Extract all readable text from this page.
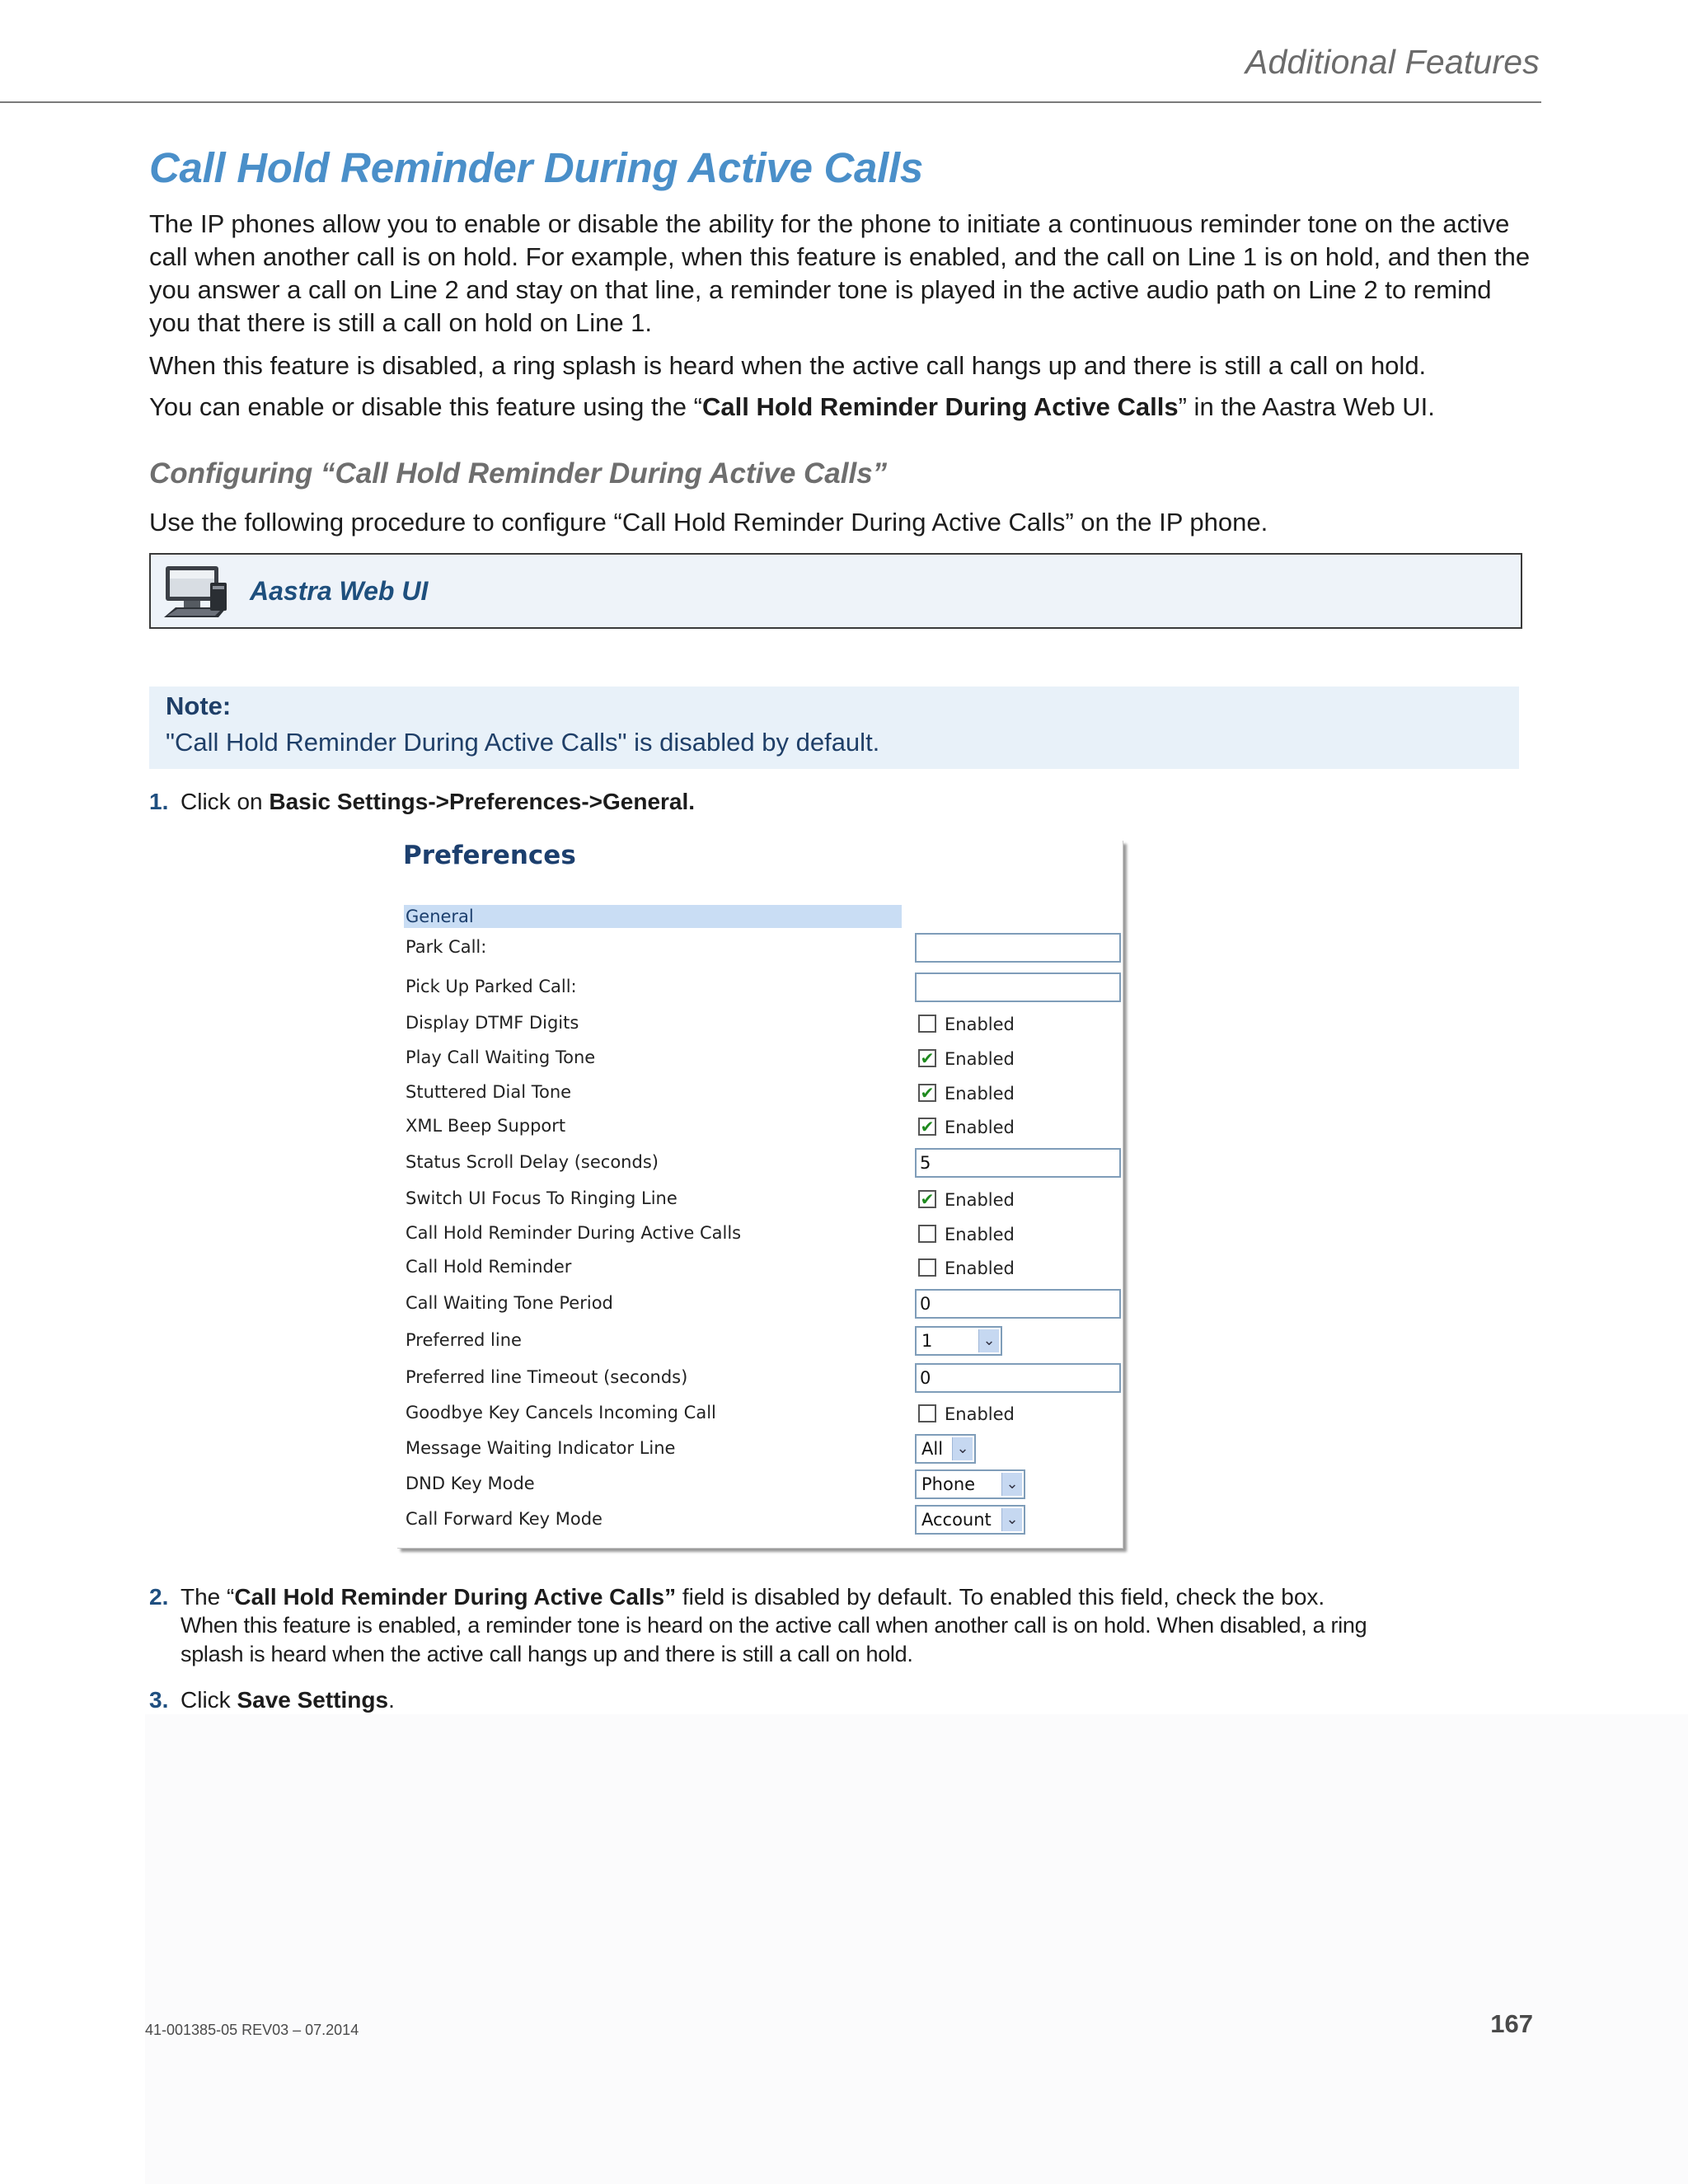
Additional Features
Call Hold Reminder During Active Calls
The IP phones allow you to enable or disable the ability for the phone to initiate a continuous reminder tone on the active call when another call is on hold. For example, when this feature is enabled, and the call on Line 1 is on hold, and then the you answer a call on Line 2 and stay on that line, a reminder tone is played in the active audio path on Line 2 to remind you that there is still a call on hold on Line 1.
When this feature is disabled, a ring splash is heard when the active call hangs up and there is still a call on hold.
You can enable or disable this feature using the “Call Hold Reminder During Active Calls” in the Aastra Web UI.
Configuring “Call Hold Reminder During Active Calls”
Use the following procedure to configure “Call Hold Reminder During Active Calls” on the IP phone.
Aastra Web UI
Note:
"Call Hold Reminder During Active Calls" is disabled by default.
1. Click on Basic Settings->Preferences->General.
Preferences
General
Park Call:
Pick Up Parked Call:
Display DTMF Digits	Enabled
Play Call Waiting Tone	✔ Enabled
Stuttered Dial Tone	✔ Enabled
XML Beep Support	✔ Enabled
Status Scroll Delay (seconds)	5
Switch UI Focus To Ringing Line	✔ Enabled
Call Hold Reminder During Active Calls	Enabled
Call Hold Reminder	Enabled
Call Waiting Tone Period	0
Preferred line	1	⌄
Preferred line Timeout (seconds)	0
Goodbye Key Cancels Incoming Call	Enabled
Message Waiting Indicator Line	All ⌄
DND Key Mode	Phone	⌄
Call Forward Key Mode	Account ⌄
2. The “Call Hold Reminder During Active Calls” field is disabled by default. To enabled this field, check the box.
When this feature is enabled, a reminder tone is heard on the active call when another call is on hold. When disabled, a ring splash is heard when the active call hangs up and there is still a call on hold.
3. Click Save Settings.
41-001385-05 REV03 – 07.2014	167
